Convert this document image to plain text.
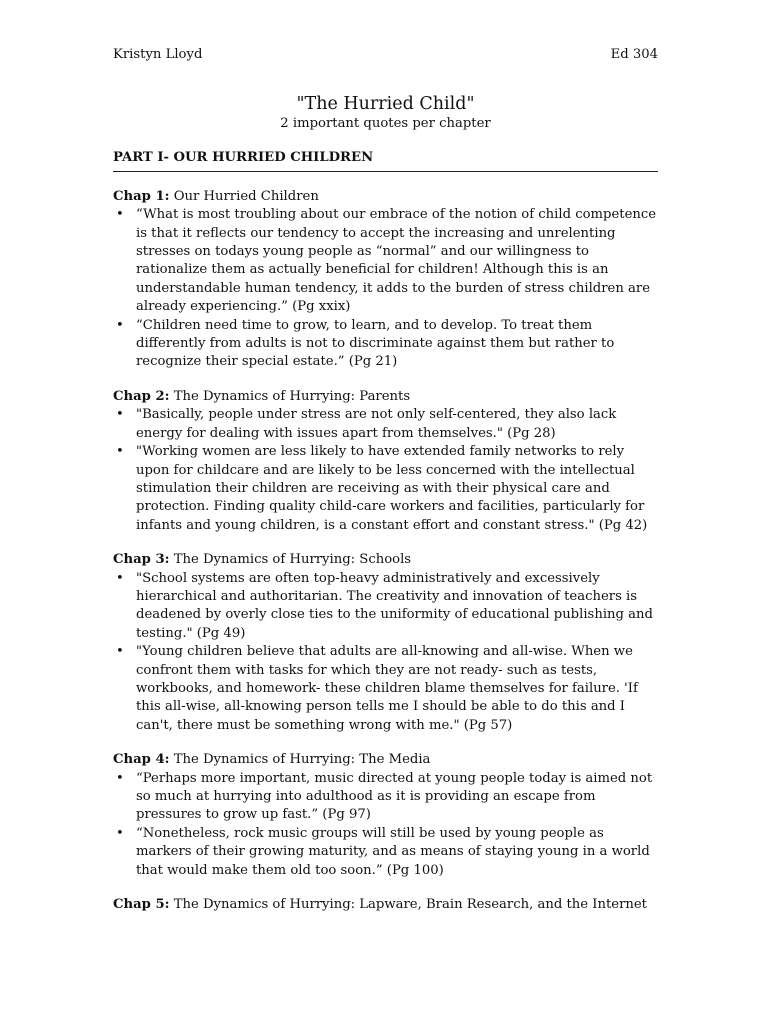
Kristyn Lloyd	Ed 304
"The Hurried Child"
2 important quotes per chapter
PART I- OUR HURRIED CHILDREN
Chap 1: Our Hurried Children
• “What is most troubling about our embrace of the notion of child competence is that it reflects our tendency to accept the increasing and unrelenting stresses on todays young people as “normal” and our willingness to rationalize them as actually beneficial for children! Although this is an understandable human tendency, it adds to the burden of stress children are already experiencing.” (Pg xxix)
• “Children need time to grow, to learn, and to develop. To treat them differently from adults is not to discriminate against them but rather to recognize their special estate.” (Pg 21)
Chap 2: The Dynamics of Hurrying: Parents
• "Basically, people under stress are not only self-centered, they also lack energy for dealing with issues apart from themselves." (Pg 28)
• "Working women are less likely to have extended family networks to rely upon for childcare and are likely to be less concerned with the intellectual stimulation their children are receiving as with their physical care and protection. Finding quality child-care workers and facilities, particularly for infants and young children, is a constant effort and constant stress." (Pg 42)
Chap 3: The Dynamics of Hurrying: Schools
• "School systems are often top-heavy administratively and excessively hierarchical and authoritarian. The creativity and innovation of teachers is deadened by overly close ties to the uniformity of educational publishing and testing." (Pg 49)
• "Young children believe that adults are all-knowing and all-wise. When we confront them with tasks for which they are not ready- such as tests, workbooks, and homework- these children blame themselves for failure. 'If this all-wise, all-knowing person tells me I should be able to do this and I can't, there must be something wrong with me." (Pg 57)
Chap 4: The Dynamics of Hurrying: The Media
• “Perhaps more important, music directed at young people today is aimed not so much at hurrying into adulthood as it is providing an escape from pressures to grow up fast.” (Pg 97)
• “Nonetheless, rock music groups will still be used by young people as markers of their growing maturity, and as means of staying young in a world that would make them old too soon.” (Pg 100)
Chap 5: The Dynamics of Hurrying: Lapware, Brain Research, and the Internet
